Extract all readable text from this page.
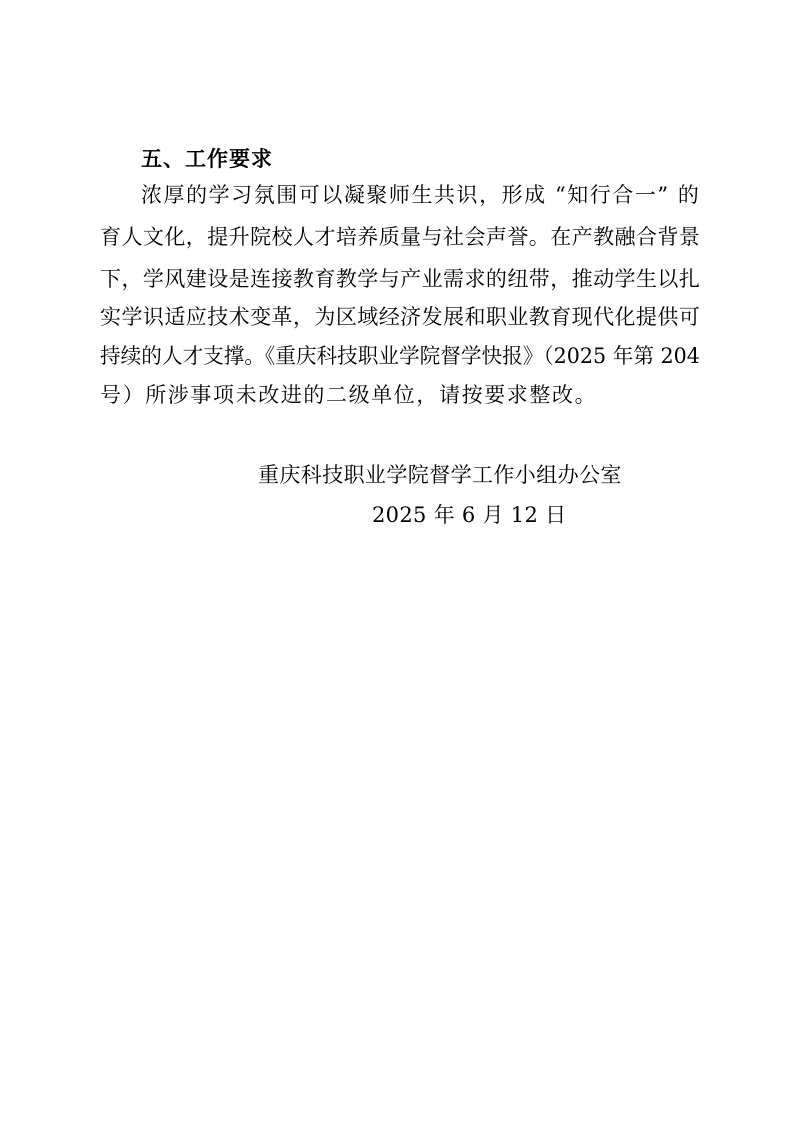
五、工作要求
浓厚的学习氛围可以凝聚师生共识，形成 “知行合一” 的
育人文化，提升院校人才培养质量与社会声誉。在产教融合背景
下，学风建设是连接教育教学与产业需求的纽带，推动学生以扎
实学识适应技术变革，为区域经济发展和职业教育现代化提供可
持续的人才支撑。《重庆科技职业学院督学快报》（2025 年第 204
号）所涉事项未改进的二级单位，请按要求整改。
重庆科技职业学院督学工作小组办公室
2025 年 6 月 12 日
